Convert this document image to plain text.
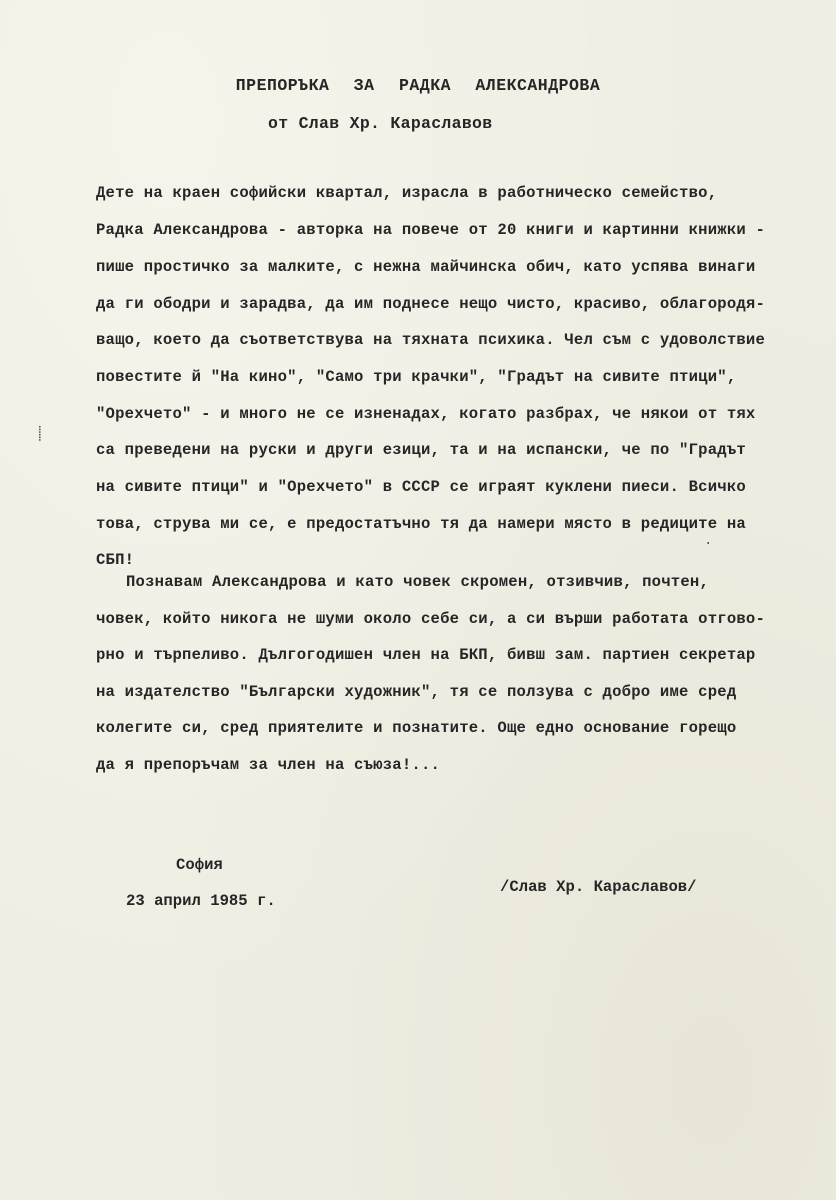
ПРЕПОРЪКА ЗА РАДКА АЛЕКСАНДРОВА
от Слав Хр. Караславов
Дете на краен софийски квартал, израсла в работническо семейство,
Радка Александрова - авторка на повече от 20 книги и картинни книжки -
пише простичко за малките, с нежна майчинска обич, като успява винаги
да ги ободри и зарадва, да им поднесе нещо чисто, красиво, облагородя-
ващо, което да съответствува на тяхната психика. Чел съм с удоволствие
повестите й "На кино", "Само три крачки", "Градът на сивите птици",
"Орехчето" - и много не се изненадах, когато разбрах, че някои от тях
са преведени на руски и други езици, та и на испански, че по "Градът
на сивите птици" и "Орехчето" в СССР се играят куклени пиеси. Всичко
това, струва ми се, е предостатъчно тя да намери място в редиците на
СБП!
Познавам Александрова и като човек скромен, отзивчив, почтен,
човек, който никога не шуми около себе си, а си върши работата отгово-
рно и търпеливо. Дългогодишен член на БКП, бивш зам. партиен секретар
на издателство "Български художник", тя се ползува с добро име сред
колегите си, сред приятелите и познатите. Още едно основание горещо
да я препоръчам за член на съюза!...
София
23 април 1985 г.
/Слав Хр. Караславов/
⸽
·
